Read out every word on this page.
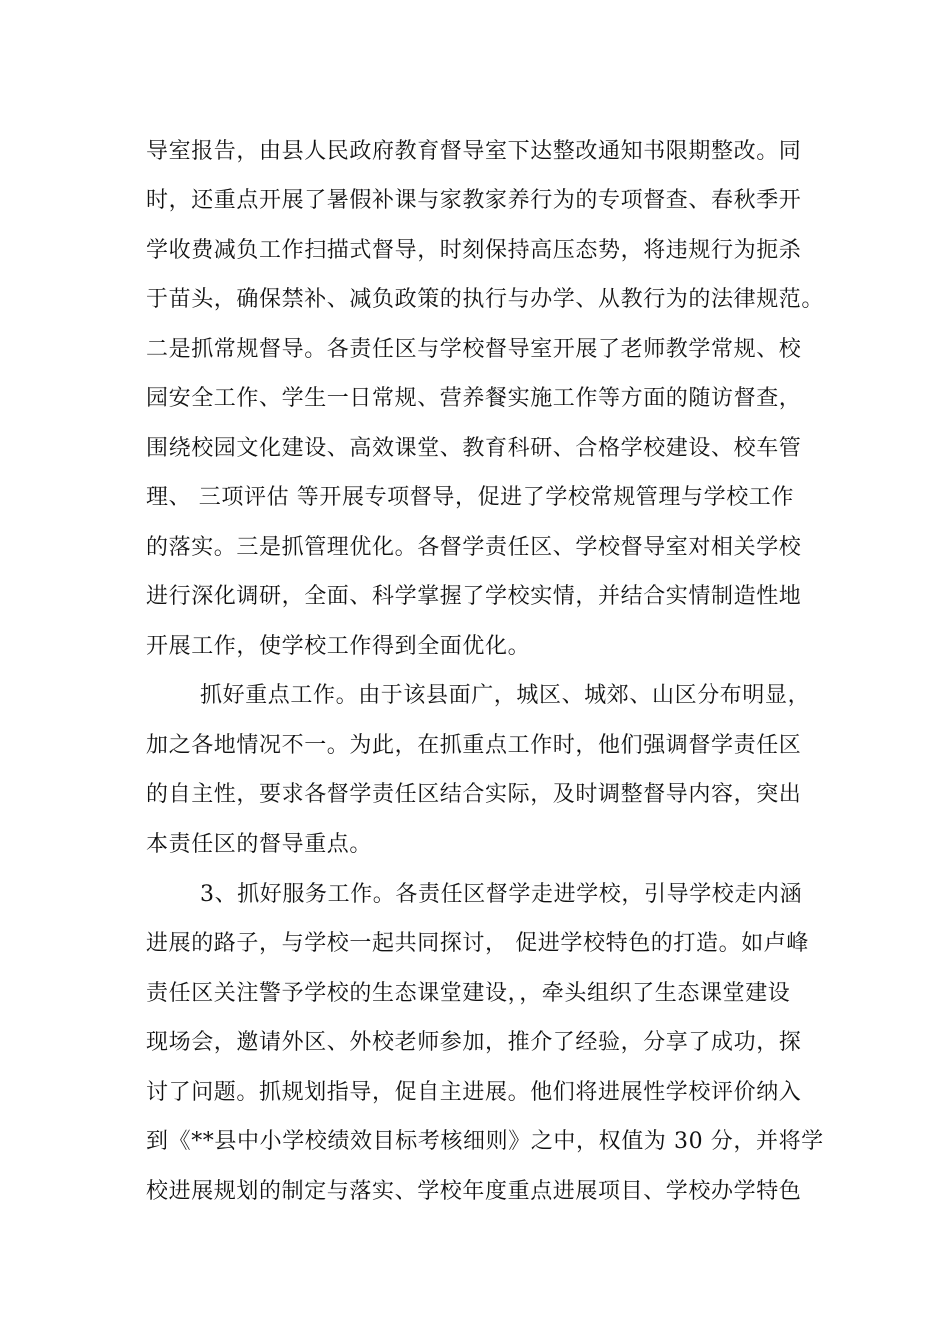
导室报告，由县人民政府教育督导室下达整改通知书限期整改。同

时，还重点开展了暑假补课与家教家养行为的专项督查、春秋季开

学收费减负工作扫描式督导，时刻保持高压态势，将违规行为扼杀

于苗头，确保禁补、减负政策的执行与办学、从教行为的法律规范。

二是抓常规督导。各责任区与学校督导室开展了老师教学常规、校

园安全工作、学生一日常规、营养餐实施工作等方面的随访督查，

围绕校园文化建设、高效课堂、教育科研、合格学校建设、校车管

理、 三项评估 等开展专项督导，促进了学校常规管理与学校工作

的落实。三是抓管理优化。各督学责任区、学校督导室对相关学校

进行深化调研，全面、科学掌握了学校实情，并结合实情制造性地

开展工作，使学校工作得到全面优化。

抓好重点工作。由于该县面广，城区、城郊、山区分布明显，

加之各地情况不一。为此，在抓重点工作时，他们强调督学责任区

的自主性，要求各督学责任区结合实际，及时调整督导内容，突出

本责任区的督导重点。

3、抓好服务工作。各责任区督学走进学校，引导学校走内涵

进展的路子，与学校一起共同探讨， 促进学校特色的打造。如卢峰

责任区关注警予学校的生态课堂建设，，牵头组织了生态课堂建设

现场会，邀请外区、外校老师参加，推介了经验，分享了成功，探

讨了问题。抓规划指导，促自主进展。他们将进展性学校评价纳入

到《**县中小学校绩效目标考核细则》之中，权值为 30 分，并将学

校进展规划的制定与落实、学校年度重点进展项目、学校办学特色
